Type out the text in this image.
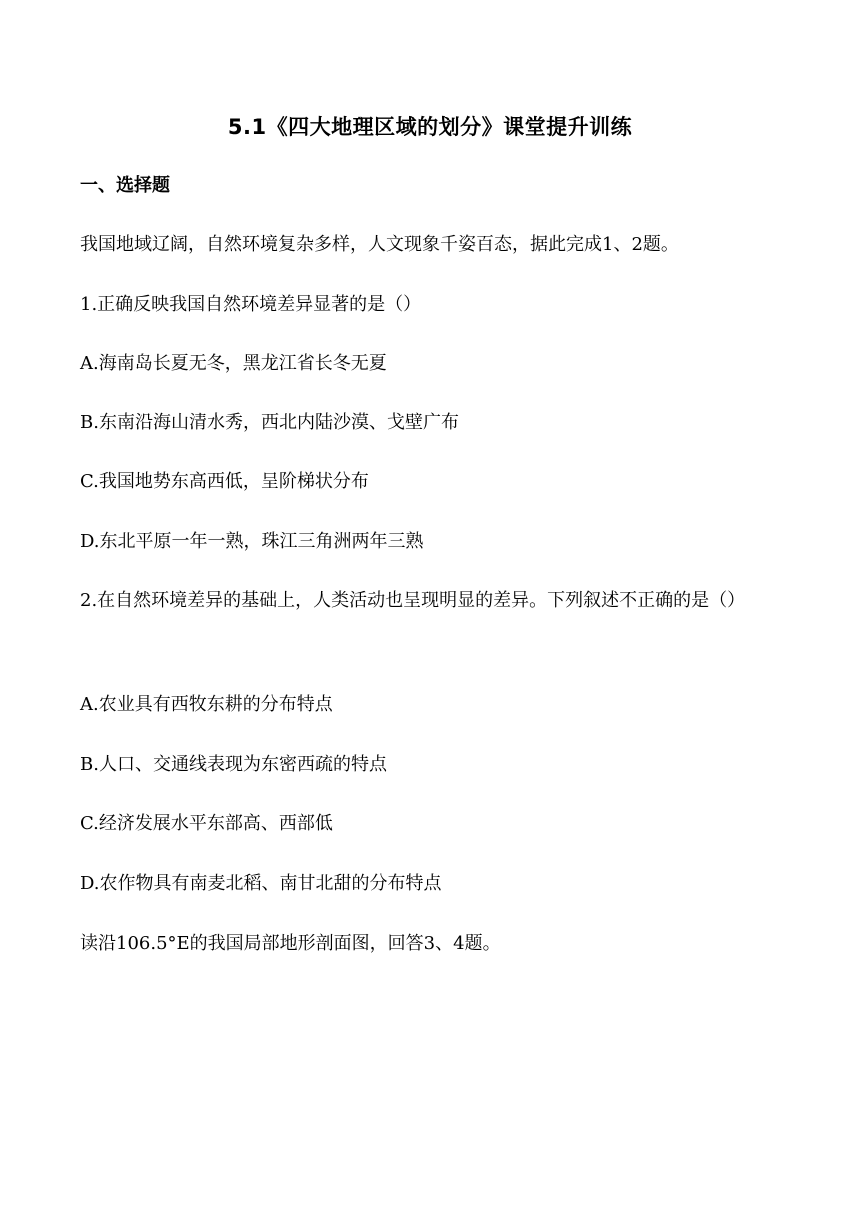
5.1《四大地理区域的划分》课堂提升训练
一、选择题
我国地域辽阔，自然环境复杂多样，人文现象千姿百态，据此完成1、2题。
1.正确反映我国自然环境差异显著的是（）
A.海南岛长夏无冬，黑龙江省长冬无夏
B.东南沿海山清水秀，西北内陆沙漠、戈壁广布
C.我国地势东高西低，呈阶梯状分布
D.东北平原一年一熟，珠江三角洲两年三熟
2.在自然环境差异的基础上，人类活动也呈现明显的差异。下列叙述不正确的是（）
A.农业具有西牧东耕的分布特点
B.人口、交通线表现为东密西疏的特点
C.经济发展水平东部高、西部低
D.农作物具有南麦北稻、南甘北甜的分布特点
读沿106.5°E的我国局部地形剖面图，回答3、4题。
